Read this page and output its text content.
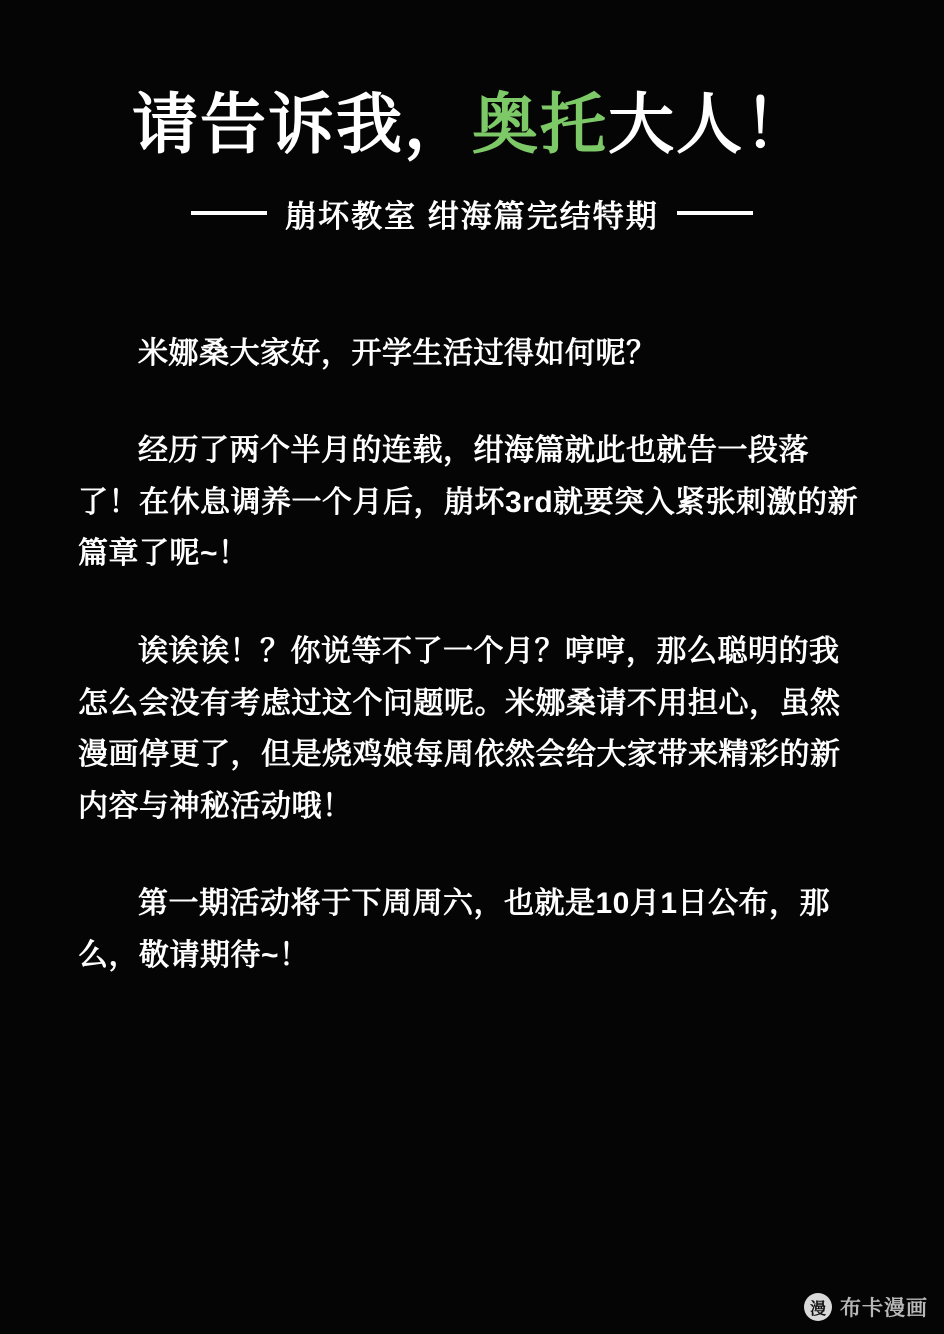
请告诉我，奥托大人！
崩坏教室 绀海篇完结特期

米娜桑大家好，开学生活过得如何呢？

经历了两个半月的连载，绀海篇就此也就告一段落了！在休息调养一个月后，崩坏3rd就要突入紧张刺激的新篇章了呢~！

诶诶诶！？你说等不了一个月？哼哼，那么聪明的我怎么会没有考虑过这个问题呢。米娜桑请不用担心，虽然漫画停更了，但是烧鸡娘每周依然会给大家带来精彩的新内容与神秘活动哦！

第一期活动将于下周周六，也就是10月1日公布，那么，敬请期待~！

漫 布卡漫画
